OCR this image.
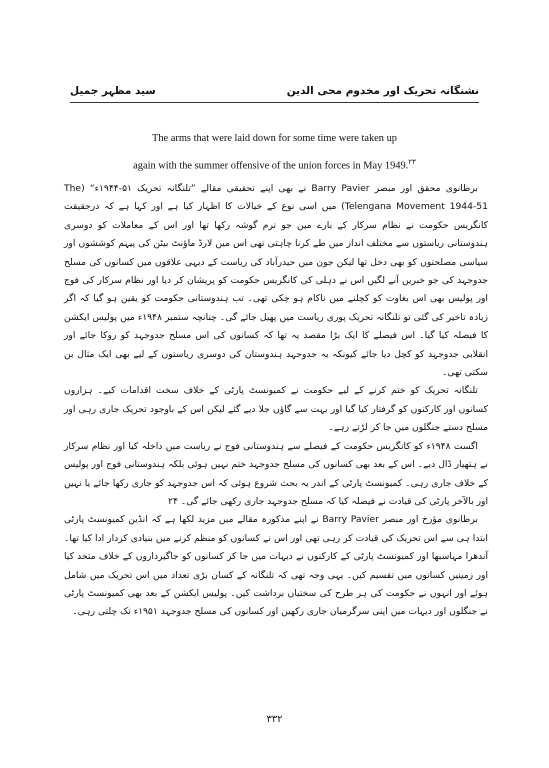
سید مظہر جمیل	نشنگانہ تحریک اور مخدوم محی الدین
The arms that were laid down for some time were taken up
again with the summer offensive of the union forces in May 1949.۲۳

برطانوی محقق اور مبصر Barry Pavier نے بھی اپنے تحقیقی مقالے ”تلنگانہ تحریک ۵۱-۱۹۴۴ء“ (The Telengana Movement 1944-51) میں اسی نوع کے خیالات کا اظہار کیا ہے اور کہا ہے کہ درحقیقت کانگریس حکومت نے نظام سرکار کے بارے میں جو نرم گوشہ رکھا تھا اور اس کے معاملات کو دوسری ہندوستانی ریاستوں سے مختلف انداز میں طے کرنا چاہتی تھی اس میں لارڈ ماؤنٹ بیٹن کی پیہم کوششوں اور سیاسی مصلحتوں کو بھی دخل تھا لیکن جون میں حیدرآباد کی ریاست کے دیہی علاقوں میں کسانوں کی مسلح جدوجہد کی جو خبریں آنے لگیں اس نے دہلی کی کانگریس حکومت کو پریشان کر دیا اور نظام سرکار کی فوج اور پولیس بھی اس بغاوت کو کچلنے میں ناکام ہو چکی تھی۔ تب ہندوستانی حکومت کو یقین ہو گیا کہ اگر زیادہ تاخیر کی گئی تو تلنگانہ تحریک پوری ریاست میں پھیل جائے گی۔ چنانچہ ستمبر ۱۹۴۸ء میں پولیس ایکشن کا فیصلہ کیا گیا۔ اس فیصلے کا ایک بڑا مقصد یہ تھا کہ کسانوں کی اس مسلح جدوجہد کو روکا جائے اور انقلابی جدوجہد کو کچل دیا جائے کیونکہ یہ جدوجہد ہندوستان کی دوسری ریاستوں کے لیے بھی ایک مثال بن سکتی تھی۔

تلنگانہ تحریک کو ختم کرنے کے لیے حکومت نے کمیونسٹ پارٹی کے خلاف سخت اقدامات کیے۔ ہزاروں کسانوں اور کارکنوں کو گرفتار کیا گیا اور بہت سے گاؤں جلا دیے گئے لیکن اس کے باوجود تحریک جاری رہی اور مسلح دستے جنگلوں میں جا کر لڑتے رہے۔

اگست ۱۹۴۸ء کو کانگریس حکومت کے فیصلے سے ہندوستانی فوج نے ریاست میں داخلہ کیا اور نظام سرکار نے ہتھیار ڈال دیے۔ اس کے بعد بھی کسانوں کی مسلح جدوجہد ختم نہیں ہوئی بلکہ ہندوستانی فوج اور پولیس کے خلاف جاری رہی۔ کمیونسٹ پارٹی کے اندر یہ بحث شروع ہوئی کہ اس جدوجہد کو جاری رکھا جائے یا نہیں اور بالآخر پارٹی کی قیادت نے فیصلہ کیا کہ مسلح جدوجہد جاری رکھی جائے گی۔ ۲۴

برطانوی مؤرخ اور مبصر Barry Pavier نے اپنے مذکورہ مقالے میں مزید لکھا ہے کہ انڈین کمیونسٹ پارٹی ابتدا ہی سے اس تحریک کی قیادت کر رہی تھی اور اس نے کسانوں کو منظم کرنے میں بنیادی کردار ادا کیا تھا۔ آندھرا مہاسبھا اور کمیونسٹ پارٹی کے کارکنوں نے دیہات میں جا کر کسانوں کو جاگیرداروں کے خلاف متحد کیا اور زمینیں کسانوں میں تقسیم کیں۔ یہی وجہ تھی کہ تلنگانہ کے کسان بڑی تعداد میں اس تحریک میں شامل ہوئے اور انہوں نے حکومت کی ہر طرح کی سختیاں برداشت کیں۔ پولیس ایکشن کے بعد بھی کمیونسٹ پارٹی نے جنگلوں اور دیہات میں اپنی سرگرمیاں جاری رکھیں اور کسانوں کی مسلح جدوجہد ۱۹۵۱ء تک چلتی رہی۔

۳۳۲
